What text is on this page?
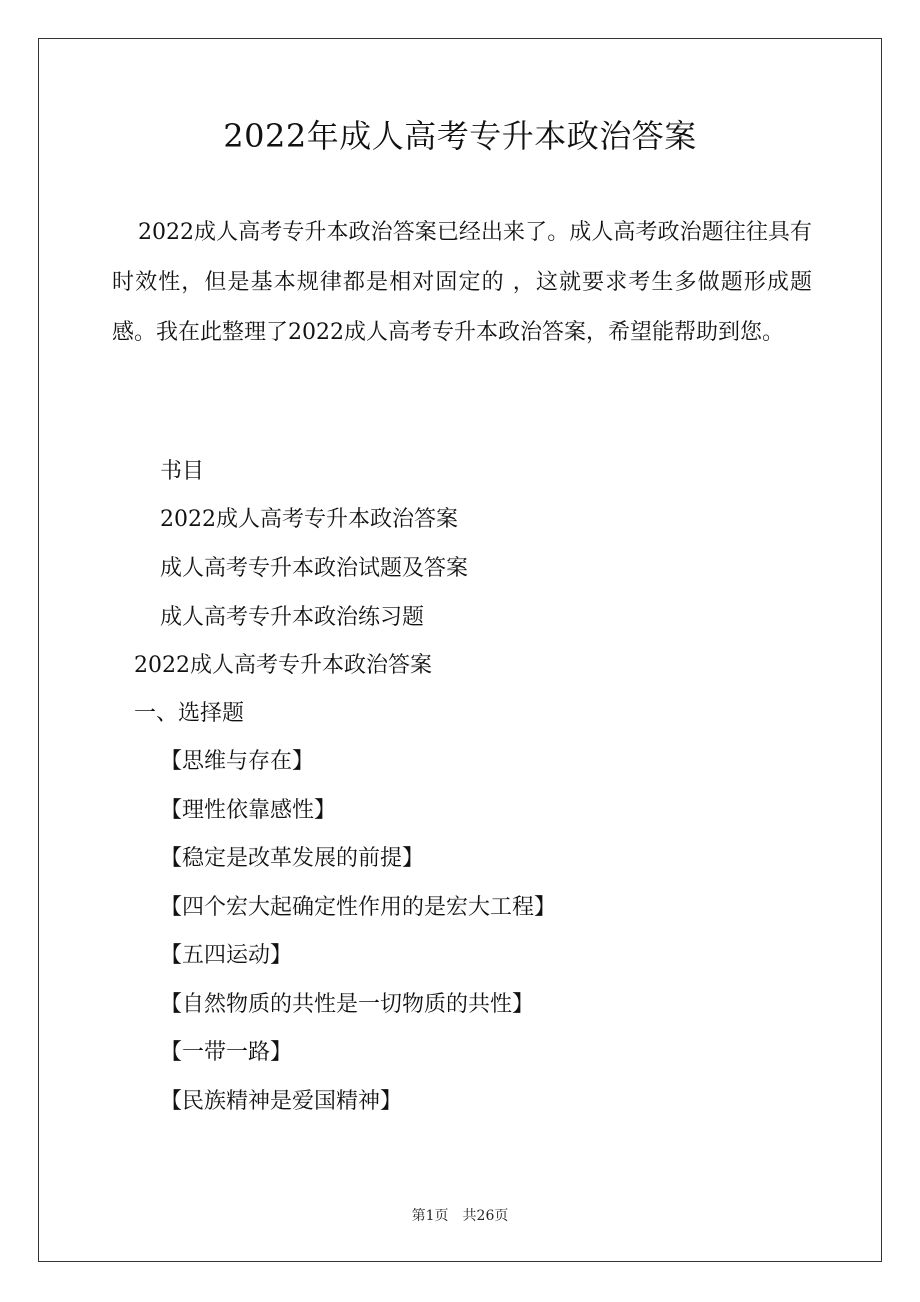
2022年成人高考专升本政治答案

2022成人高考专升本政治答案已经出来了。成人高考政治题往往具有时效性，但是基本规律都是相对固定的 ，这就要求考生多做题形成题感。我在此整理了2022成人高考专升本政治答案，希望能帮助到您。

书目

2022成人高考专升本政治答案

成人高考专升本政治试题及答案

成人高考专升本政治练习题

2022成人高考专升本政治答案

一、选择题

【思维与存在】
【理性依靠感性】
【稳定是改革发展的前提】
【四个宏大起确定性作用的是宏大工程】
【五四运动】
【自然物质的共性是一切物质的共性】
【一带一路】
【民族精神是爱国精神】
第1页 共26页
